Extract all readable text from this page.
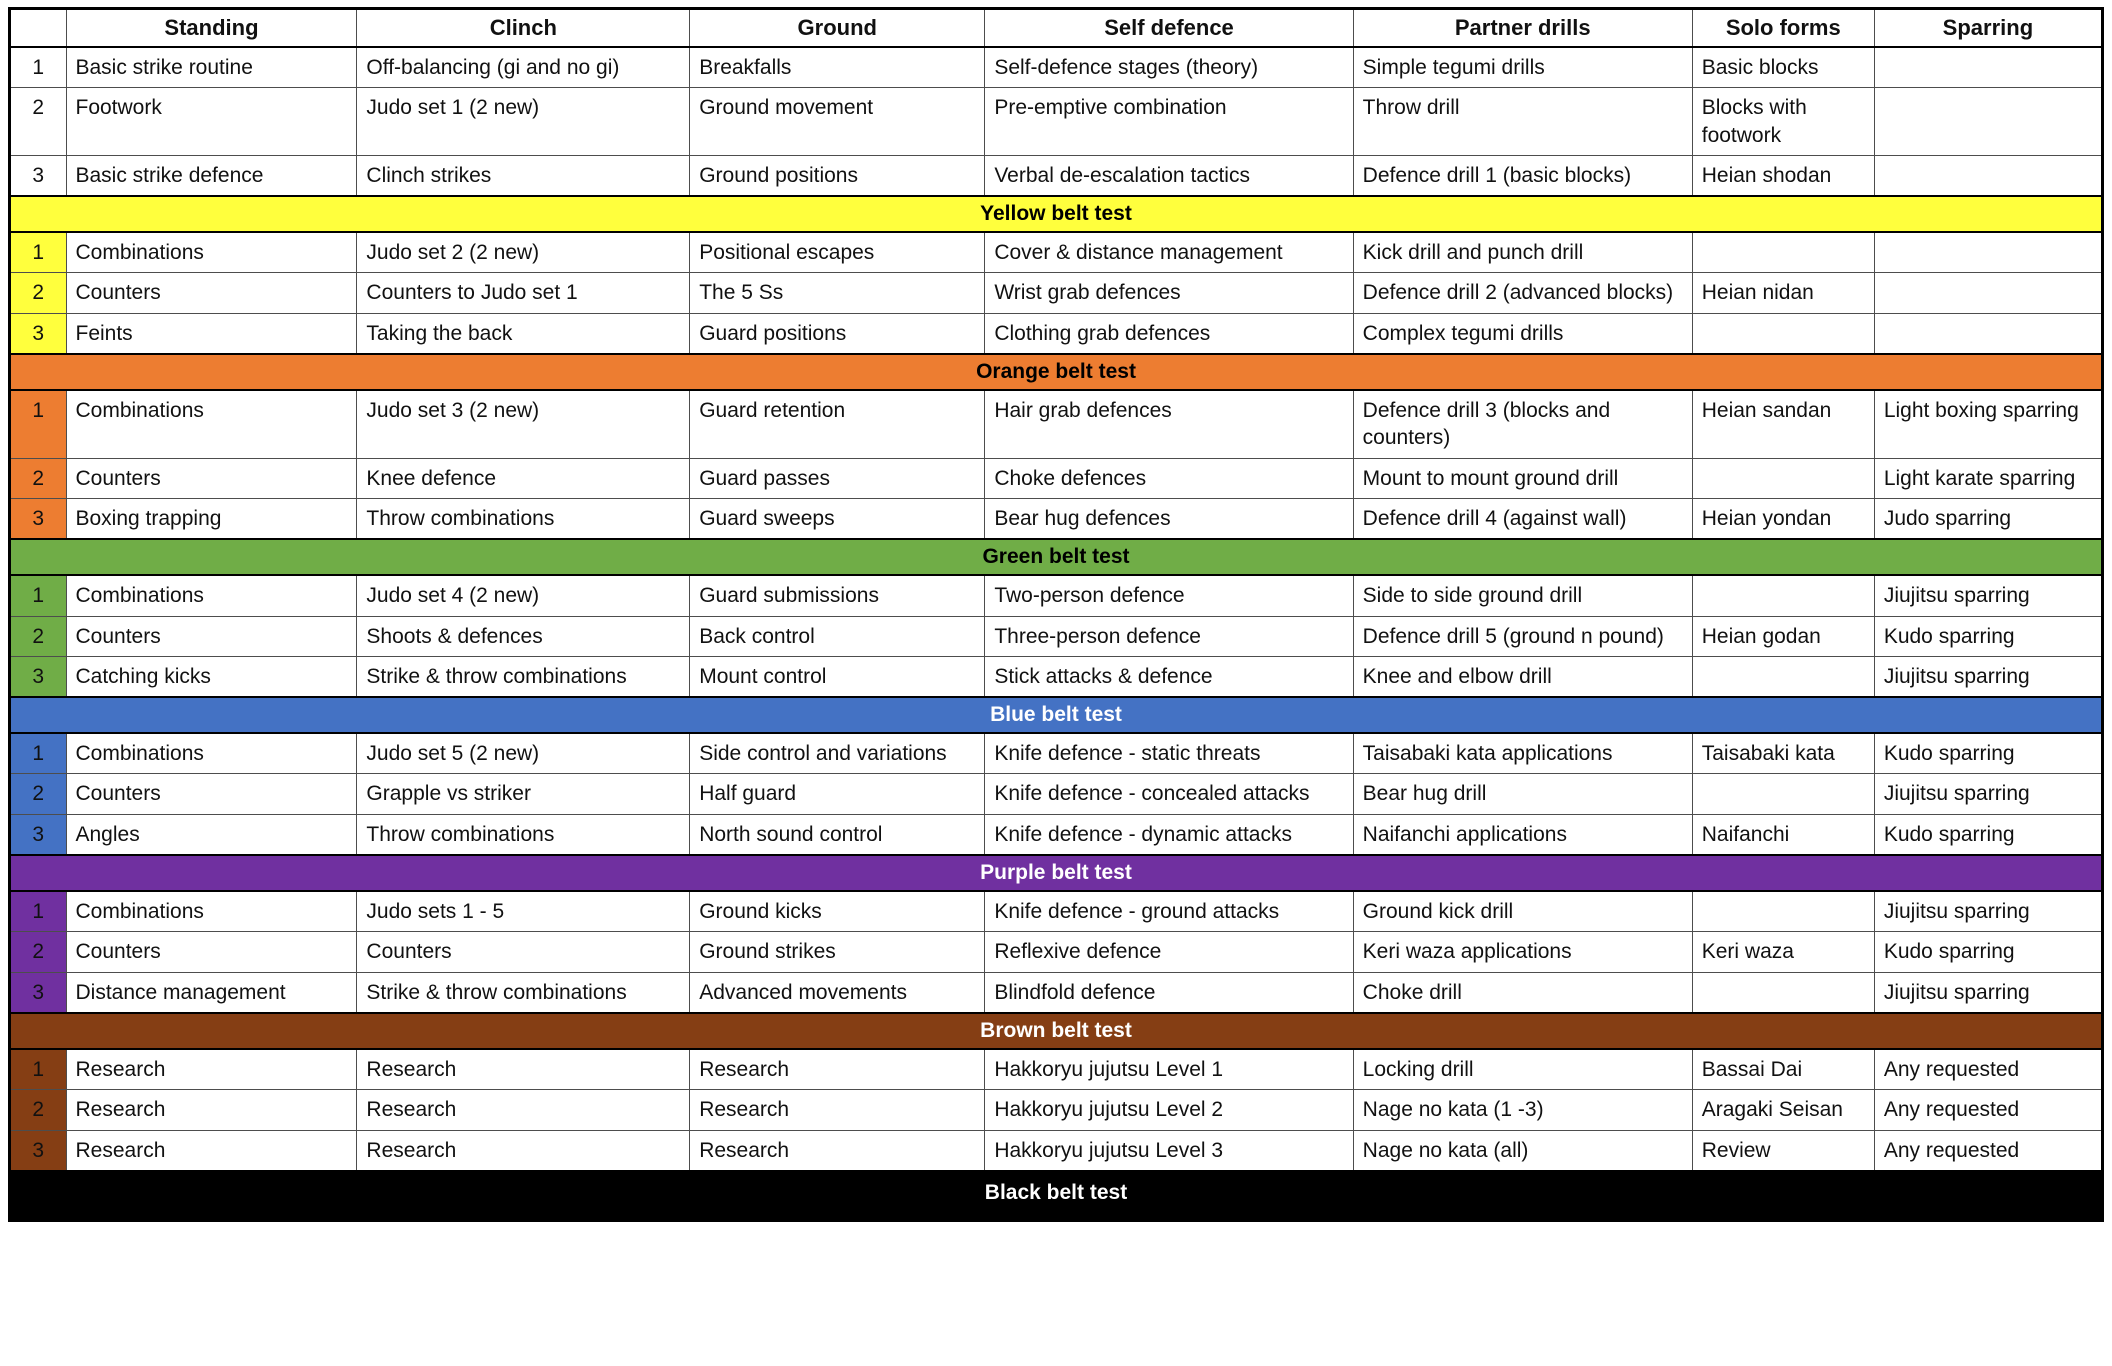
	Standing	Clinch	Ground	Self defence	Partner drills	Solo forms	Sparring
1	Basic strike routine	Off-balancing (gi and no gi)	Breakfalls	Self-defence stages (theory)	Simple tegumi drills	Basic blocks	
2	Footwork	Judo set 1 (2 new)	Ground movement	Pre-emptive combination	Throw drill	Blocks with footwork	
3	Basic strike defence	Clinch strikes	Ground positions	Verbal de-escalation tactics	Defence drill 1 (basic blocks)	Heian shodan	
Yellow belt test							
1	Combinations	Judo set 2 (2 new)	Positional escapes	Cover & distance management	Kick drill and punch drill		
2	Counters	Counters to Judo set 1	The 5 Ss	Wrist grab defences	Defence drill 2 (advanced blocks)	Heian nidan	
3	Feints	Taking the back	Guard positions	Clothing grab defences	Complex tegumi drills		
Orange belt test							
1	Combinations	Judo set 3 (2 new)	Guard retention	Hair grab defences	Defence drill 3 (blocks and counters)	Heian sandan	Light boxing sparring
2	Counters	Knee defence	Guard passes	Choke defences	Mount to mount ground drill		Light karate sparring
3	Boxing trapping	Throw combinations	Guard sweeps	Bear hug defences	Defence drill 4 (against wall)	Heian yondan	Judo sparring
Green belt test							
1	Combinations	Judo set 4 (2 new)	Guard submissions	Two-person defence	Side to side ground drill		Jiujitsu sparring
2	Counters	Shoots & defences	Back control	Three-person defence	Defence drill 5 (ground n pound)	Heian godan	Kudo sparring
3	Catching kicks	Strike & throw combinations	Mount control	Stick attacks & defence	Knee and elbow drill		Jiujitsu sparring
Blue belt test							
1	Combinations	Judo set 5 (2 new)	Side control and variations	Knife defence - static threats	Taisabaki kata applications	Taisabaki kata	Kudo sparring
2	Counters	Grapple vs striker	Half guard	Knife defence - concealed attacks	Bear hug drill		Jiujitsu sparring
3	Angles	Throw combinations	North sound control	Knife defence - dynamic attacks	Naifanchi applications	Naifanchi	Kudo sparring
Purple belt test							
1	Combinations	Judo sets 1 - 5	Ground kicks	Knife defence - ground attacks	Ground kick drill		Jiujitsu sparring
2	Counters	Counters	Ground strikes	Reflexive defence	Keri waza applications	Keri waza	Kudo sparring
3	Distance management	Strike & throw combinations	Advanced movements	Blindfold defence	Choke drill		Jiujitsu sparring
Brown belt test							
1	Research	Research	Research	Hakkoryu jujutsu Level 1	Locking drill	Bassai Dai	Any requested
2	Research	Research	Research	Hakkoryu jujutsu Level 2	Nage no kata (1 -3)	Aragaki Seisan	Any requested
3	Research	Research	Research	Hakkoryu jujutsu Level 3	Nage no kata (all)	Review	Any requested
Black belt test							
